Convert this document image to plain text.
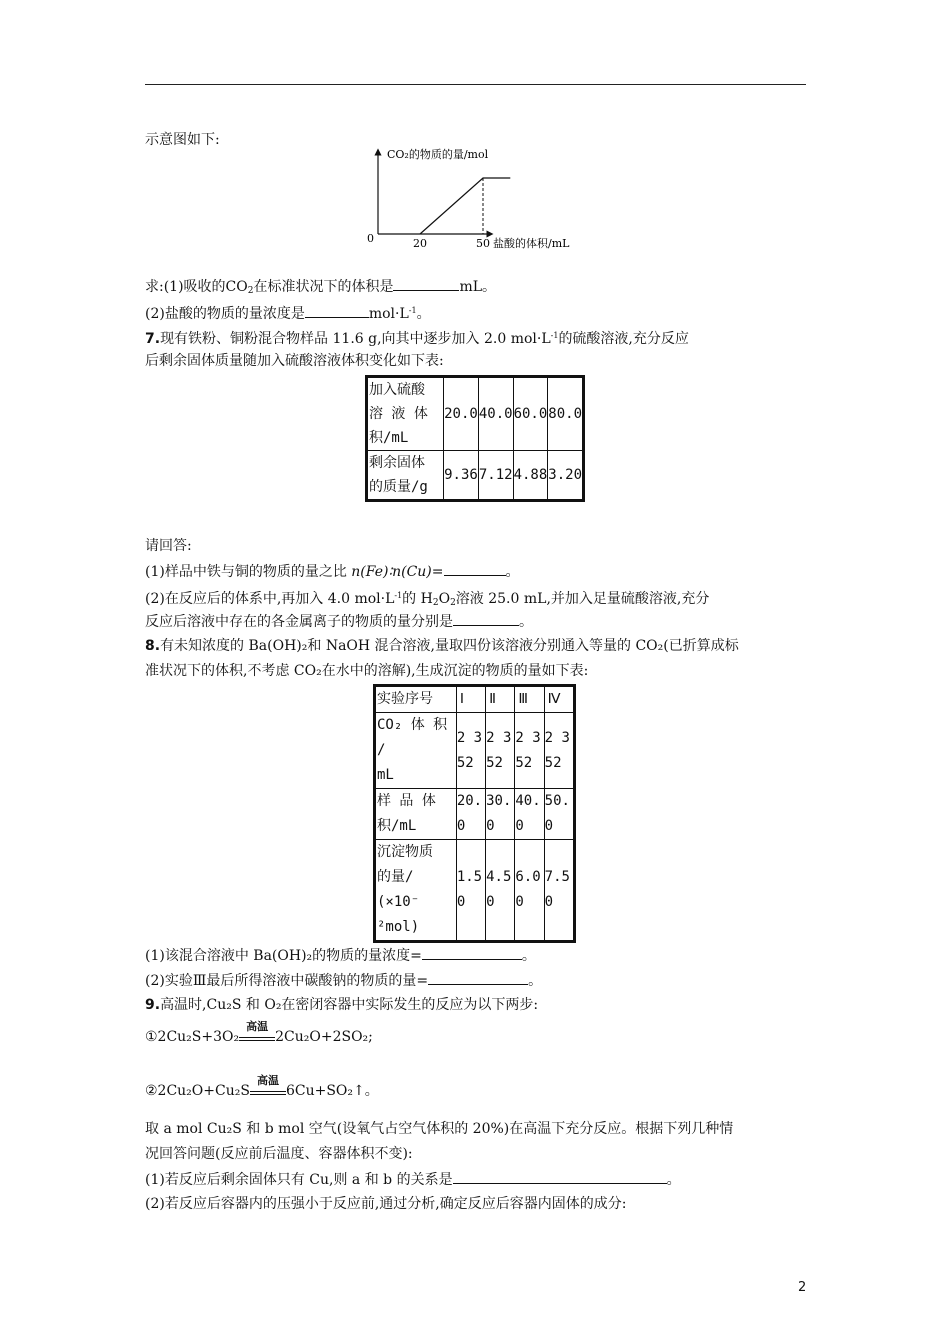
示意图如下:
CO₂的物质的量/mol
盐酸的体积/mL
0	20	50
求:(1)吸收的$CO_2$在标准状况下的体积是	mL。
(2)盐酸的物质的量浓度是	$mol\cdot L^{-1}$。
7.现有铁粉、铜粉混合物样品 11.6 g,向其中逐步加入 2.0 $mol\cdot L^{-1}$的硫酸溶液,充分反应
后剩余固体质量随加入硫酸溶液体积变化如下表:
加入硫酸
溶 液 体
积/mL	20.0	40.0	60.0	80.0

剩余固体
的质量/g	9.36	7.12	4.88	3.20
请回答:
(1)样品中铁与铜的物质的量之比 n(Fe)∶n(Cu)=	。
(2)在反应后的体系中,再加入 4.0 $mol\cdot L^{-1}$的 $H_2O_2$溶液 25.0 mL,并加入足量硫酸溶液,充分
反应后溶液中存在的各金属离子的物质的量分别是	。
8.有未知浓度的 Ba(OH)₂和 NaOH 混合溶液,量取四份该溶液分别通入等量的 CO₂(已折算成标
准状况下的体积,不考虑 CO₂在水中的溶解),生成沉淀的物质的量如下表:
实验序号	Ⅰ	Ⅱ	Ⅲ	Ⅳ

CO₂ 体 积 /
mL	2 352	2 352	2 352	2 352

样 品 体
积/mL	20.0	30.0	40.0	50.0

沉淀物质
的量/
(×10⁻
²mol)	1.50	4.50	6.00	7.50
(1)该混合溶液中 Ba(OH)₂的物质的量浓度=	。
(2)实验Ⅲ最后所得溶液中碳酸钠的物质的量=	。
9.高温时,Cu₂S 和 O₂在密闭容器中实际发生的反应为以下两步:
①2Cu₂S+3O₂
高温
2Cu₂O+2SO₂;
②2Cu₂O+Cu₂S
高温
6Cu+SO₂↑。
取 a mol Cu₂S 和 b mol 空气(设氧气占空气体积的 20%)在高温下充分反应。根据下列几种情
况回答问题(反应前后温度、容器体积不变):
(1)若反应后剩余固体只有 Cu,则 a 和 b 的关系是	。
(2)若反应后容器内的压强小于反应前,通过分析,确定反应后容器内固体的成分:
2
